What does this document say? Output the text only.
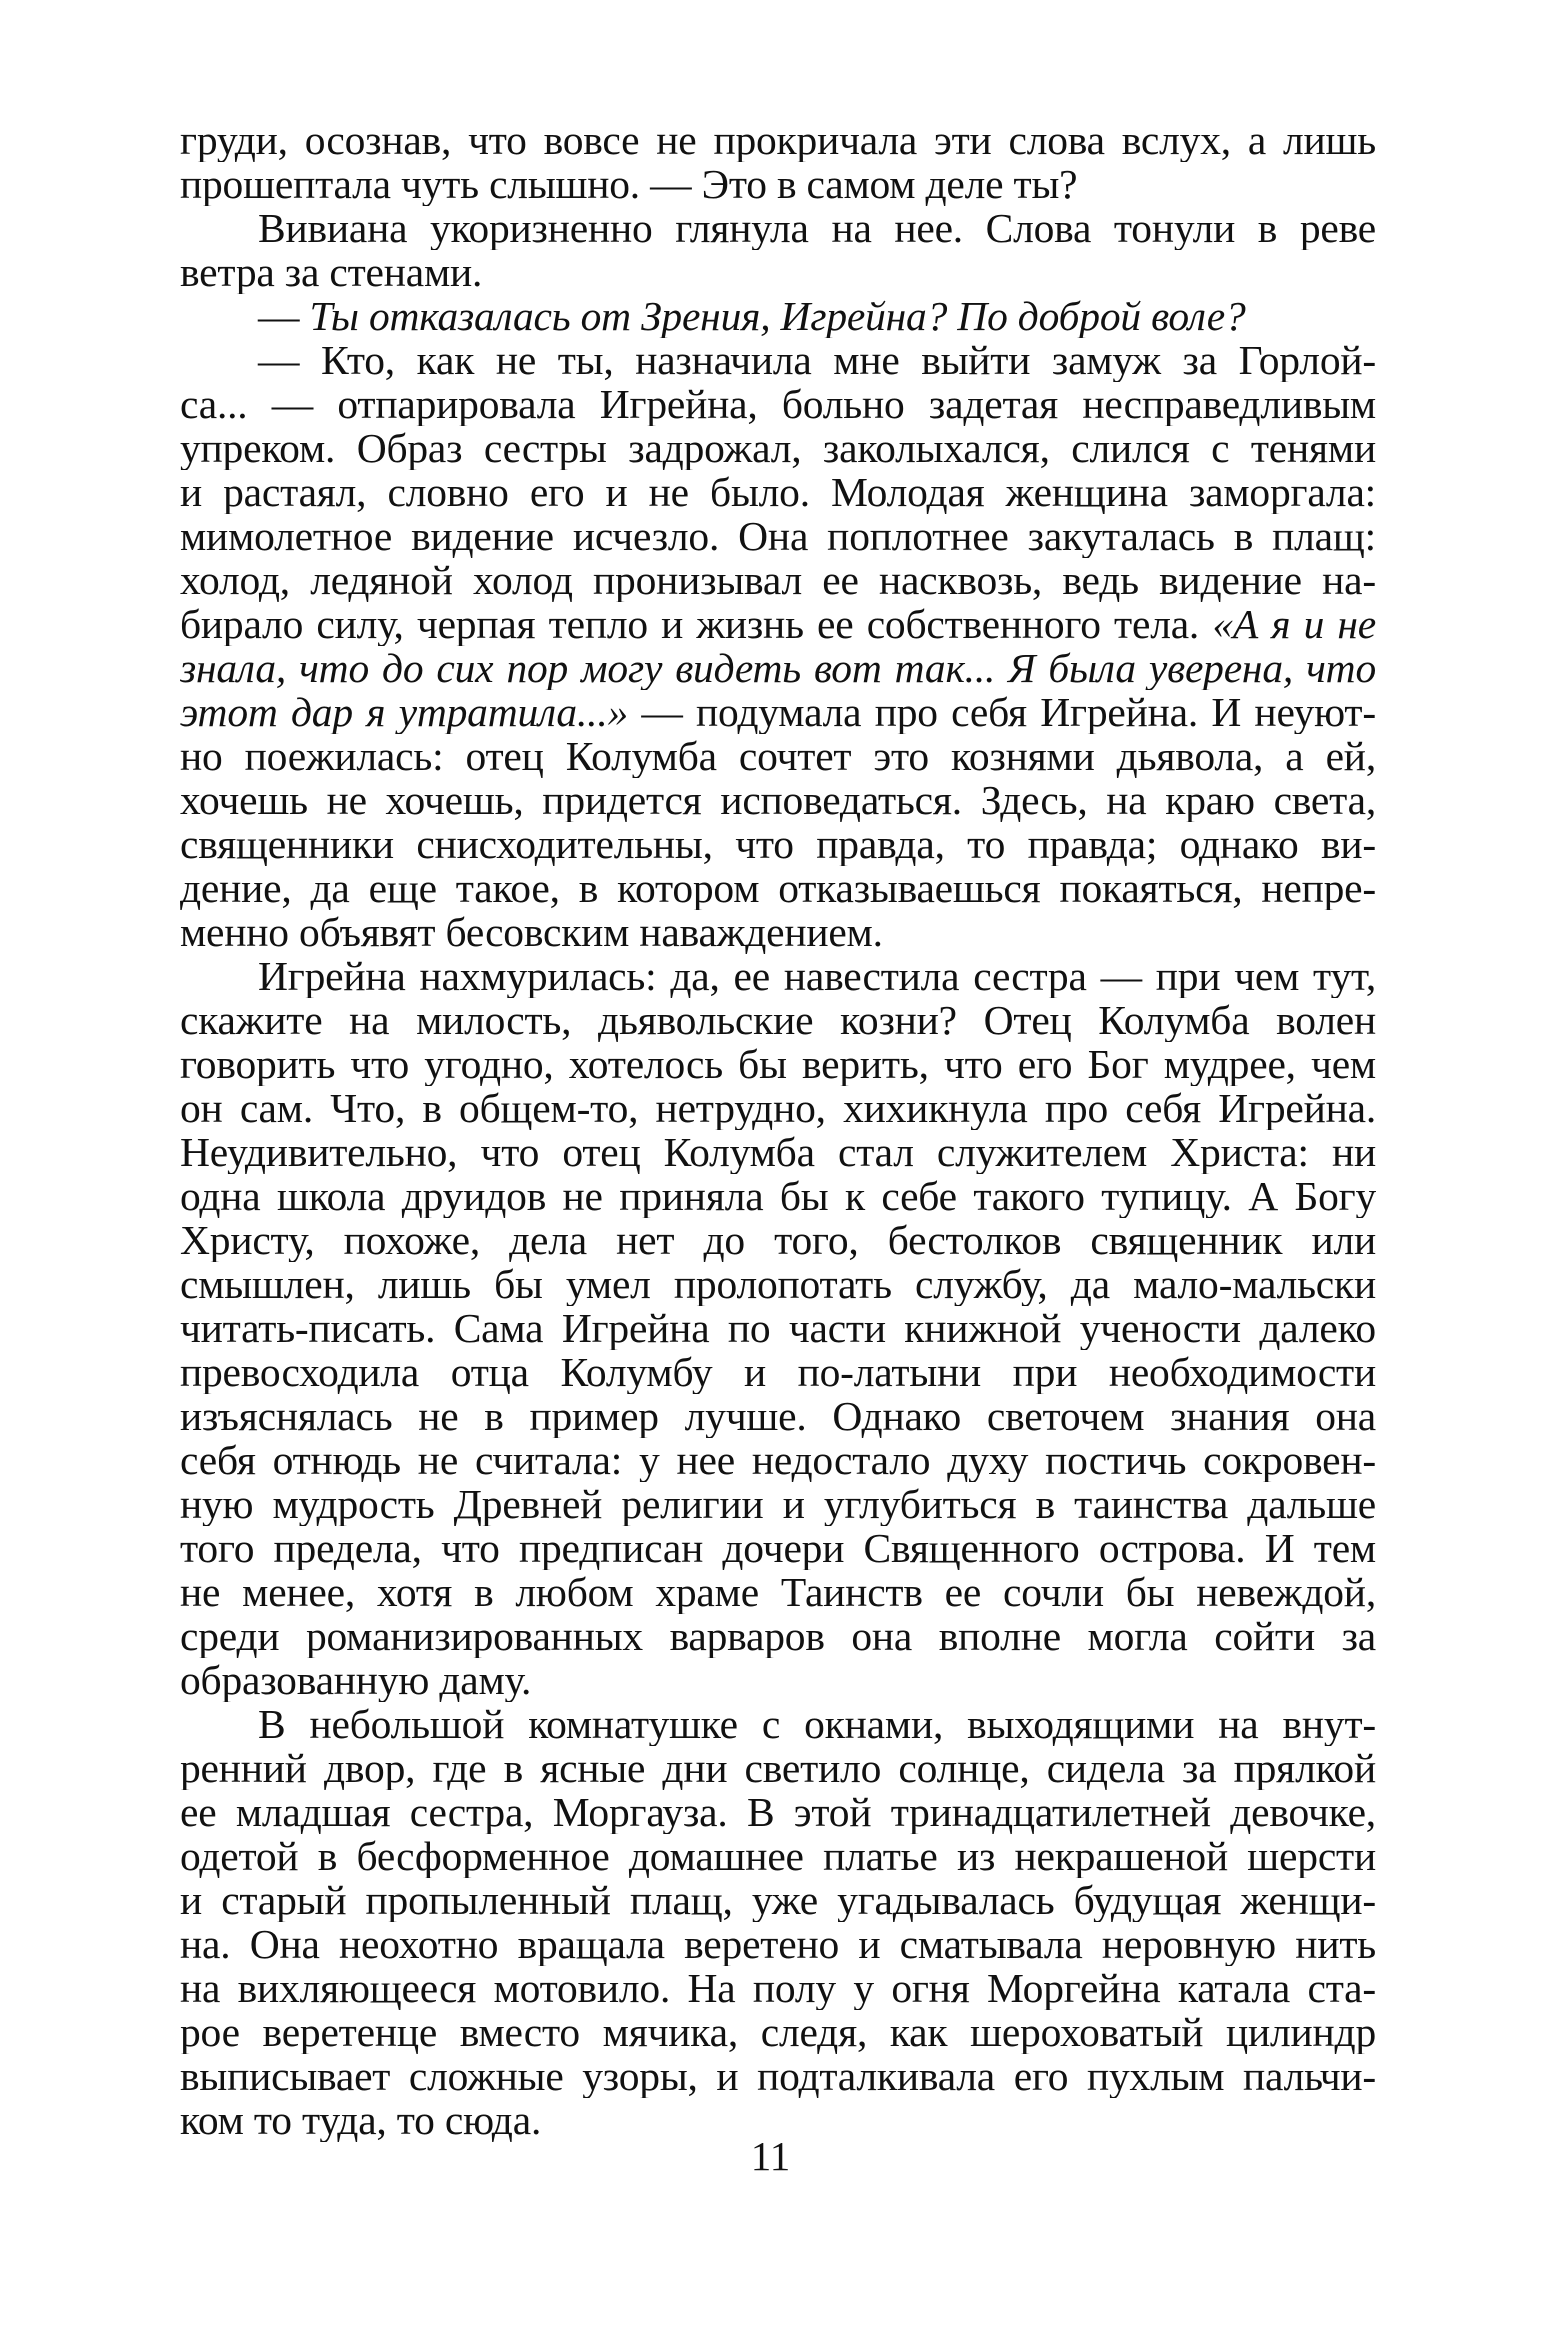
груди, осознав, что вовсе не прокричала эти слова вслух, а лишь
прошептала чуть слышно. — Это в самом деле ты?
Вивиана укоризненно глянула на нее. Слова тонули в реве
ветра за стенами.
— Ты отказалась от Зрения, Игрейна? По доброй воле?
— Кто, как не ты, назначила мне выйти замуж за Горлой-
са... — отпарировала Игрейна, больно задетая несправедливым
упреком. Образ сестры задрожал, заколыхался, слился с тенями
и растаял, словно его и не было. Молодая женщина заморгала:
мимолетное видение исчезло. Она поплотнее закуталась в плащ:
холод, ледяной холод пронизывал ее насквозь, ведь видение на-
бирало силу, черпая тепло и жизнь ее собственного тела. «А я и не
знала, что до сих пор могу видеть вот так... Я была уверена, что
этот дар я утратила...» — подумала про себя Игрейна. И неуют-
но поежилась: отец Колумба сочтет это кознями дьявола, а ей,
хочешь не хочешь, придется исповедаться. Здесь, на краю света,
священники снисходительны, что правда, то правда; однако ви-
дение, да еще такое, в котором отказываешься покаяться, непре-
менно объявят бесовским наваждением.
Игрейна нахмурилась: да, ее навестила сестра — при чем тут,
скажите на милость, дьявольские козни? Отец Колумба волен
говорить что угодно, хотелось бы верить, что его Бог мудрее, чем
он сам. Что, в общем-то, нетрудно, хихикнула про себя Игрейна.
Неудивительно, что отец Колумба стал служителем Христа: ни
одна школа друидов не приняла бы к себе такого тупицу. А Богу
Христу, похоже, дела нет до того, бестолков священник или
смышлен, лишь бы умел пролопотать службу, да мало-мальски
читать-писать. Сама Игрейна по части книжной учености далеко
превосходила отца Колумбу и по-латыни при необходимости
изъяснялась не в пример лучше. Однако светочем знания она
себя отнюдь не считала: у нее недостало духу постичь сокровен-
ную мудрость Древней религии и углубиться в таинства дальше
того предела, что предписан дочери Священного острова. И тем
не менее, хотя в любом храме Таинств ее сочли бы невеждой,
среди романизированных варваров она вполне могла сойти за
образованную даму.
В небольшой комнатушке с окнами, выходящими на внут-
ренний двор, где в ясные дни светило солнце, сидела за прялкой
ее младшая сестра, Моргауза. В этой тринадцатилетней девочке,
одетой в бесформенное домашнее платье из некрашеной шерсти
и старый пропыленный плащ, уже угадывалась будущая женщи-
на. Она неохотно вращала веретено и сматывала неровную нить
на вихляющееся мотовило. На полу у огня Моргейна катала ста-
рое веретенце вместо мячика, следя, как шероховатый цилиндр
выписывает сложные узоры, и подталкивала его пухлым пальчи-
ком то туда, то сюда.
11
